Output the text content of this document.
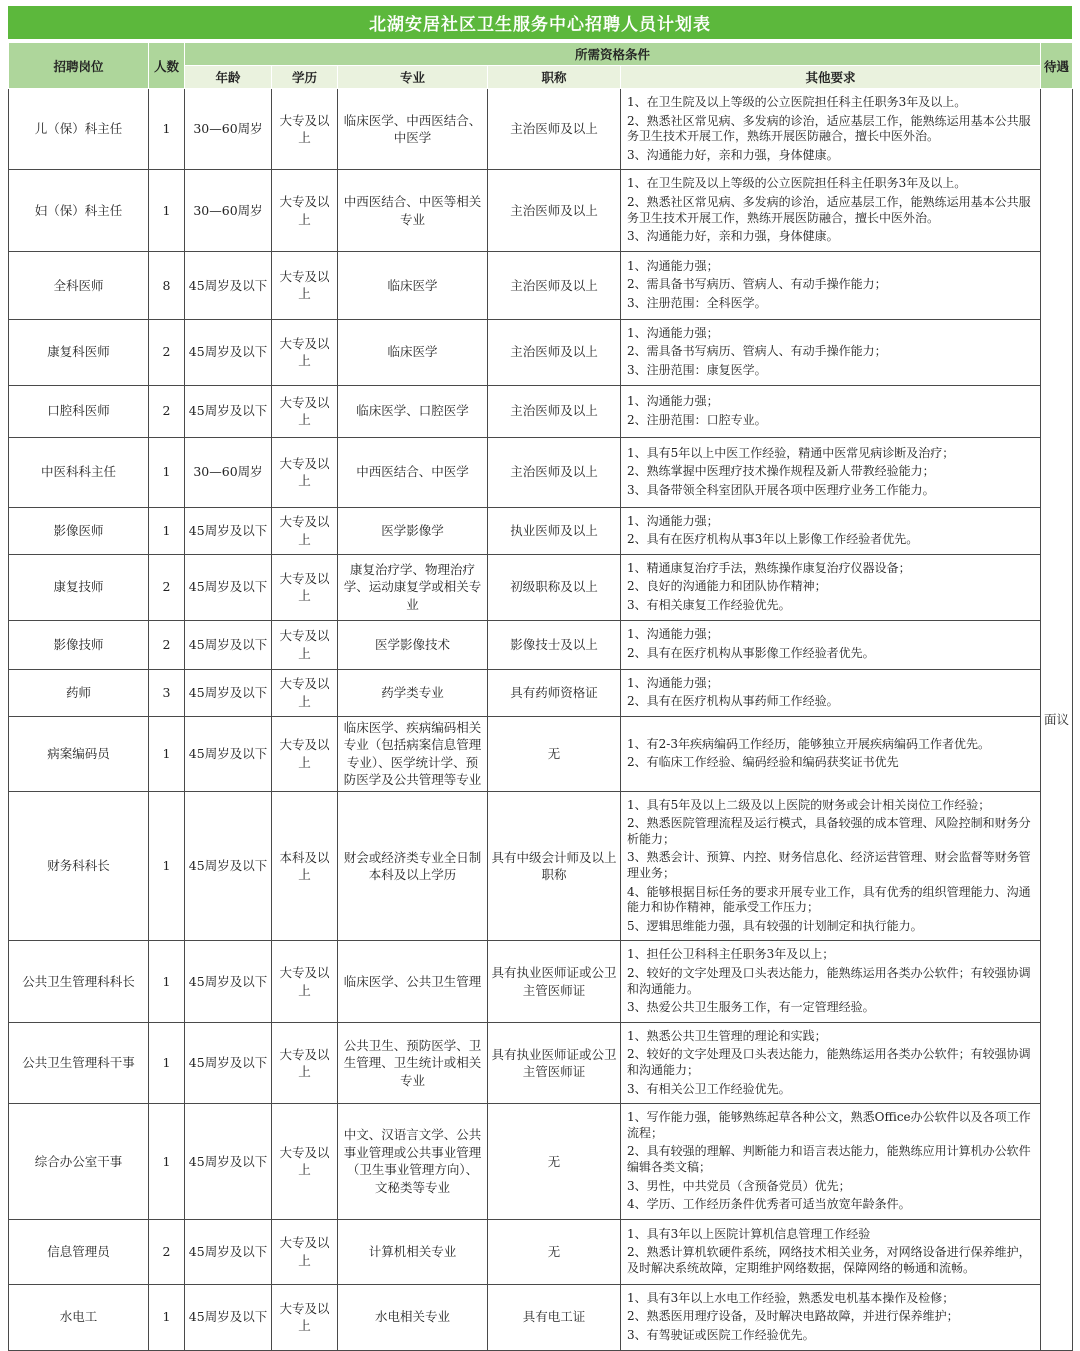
北湖安居社区卫生服务中心招聘人员计划表
招聘岗位	人数	所需资格条件					待遇
		年龄	学历	专业	职称	其他要求	
儿（保）科主任	1	30—60周岁	大专及以上	临床医学、中西医结合、中医学	主治医师及以上	1、在卫生院及以上等级的公立医院担任科主任职务3年及以上。
2、熟悉社区常见病、多发病的诊治，适应基层工作，能熟练运用基本公共服务卫生技术开展工作，熟练开展医防融合，擅长中医外治。
3、沟通能力好，亲和力强，身体健康。	面议
妇（保）科主任	1	30—60周岁	大专及以上	中西医结合、中医等相关专业	主治医师及以上	1、在卫生院及以上等级的公立医院担任科主任职务3年及以上。
2、熟悉社区常见病、多发病的诊治，适应基层工作，能熟练运用基本公共服务卫生技术开展工作，熟练开展医防融合，擅长中医外治。
3、沟通能力好，亲和力强，身体健康。	

全科医师	8	45周岁及以下	大专及以上	临床医学	主治医师及以上	1、沟通能力强；
2、需具备书写病历、管病人、有动手操作能力；
3、注册范围：全科医学。	

康复科医师	2	45周岁及以下	大专及以上	临床医学	主治医师及以上	1、沟通能力强；
2、需具备书写病历、管病人、有动手操作能力；
3、注册范围：康复医学。	

口腔科医师	2	45周岁及以下	大专及以上	临床医学、口腔医学	主治医师及以上	1、沟通能力强；
2、注册范围：口腔专业。	

中医科科主任	1	30—60周岁	大专及以上	中西医结合、中医学	主治医师及以上	1、具有5年以上中医工作经验，精通中医常见病诊断及治疗；
2、熟练掌握中医理疗技术操作规程及新人带教经验能力；
3、具备带领全科室团队开展各项中医理疗业务工作能力。	

影像医师	1	45周岁及以下	大专及以上	医学影像学	执业医师及以上	1、沟通能力强；
2、具有在医疗机构从事3年以上影像工作经验者优先。	

康复技师	2	45周岁及以下	大专及以上	康复治疗学、物理治疗学、运动康复学或相关专业	初级职称及以上	1、精通康复治疗手法，熟练操作康复治疗仪器设备；
2、良好的沟通能力和团队协作精神；
3、有相关康复工作经验优先。	

影像技师	2	45周岁及以下	大专及以上	医学影像技术	影像技士及以上	1、沟通能力强；
2、具有在医疗机构从事影像工作经验者优先。	

药师	3	45周岁及以下	大专及以上	药学类专业	具有药师资格证	1、沟通能力强；
2、具有在医疗机构从事药师工作经验。	

病案编码员	1	45周岁及以下	大专及以上	临床医学、疾病编码相关专业（包括病案信息管理专业）、医学统计学、预防医学及公共管理等专业	无	1、有2-3年疾病编码工作经历，能够独立开展疾病编码工作者优先。
2、有临床工作经验、编码经验和编码获奖证书优先	

财务科科长	1	45周岁及以下	本科及以上	财会或经济类专业全日制本科及以上学历	具有中级会计师及以上职称	1、具有5年及以上二级及以上医院的财务或会计相关岗位工作经验；
2、熟悉医院管理流程及运行模式，具备较强的成本管理、风险控制和财务分析能力；
3、熟悉会计、预算、内控、财务信息化、经济运营管理、财会监督等财务管理业务；
4、能够根据目标任务的要求开展专业工作，具有优秀的组织管理能力、沟通能力和协作精神，能承受工作压力；
5、逻辑思维能力强，具有较强的计划制定和执行能力。	

公共卫生管理科科长	1	45周岁及以下	大专及以上	临床医学、公共卫生管理	具有执业医师证或公卫主管医师证	1、担任公卫科科主任职务3年及以上；
2、较好的文字处理及口头表达能力，能熟练运用各类办公软件；有较强协调和沟通能力。
3、热爱公共卫生服务工作，有一定管理经验。	

公共卫生管理科干事	1	45周岁及以下	大专及以上	公共卫生、预防医学、卫生管理、卫生统计或相关专业	具有执业医师证或公卫主管医师证	1、熟悉公共卫生管理的理论和实践；
2、较好的文字处理及口头表达能力，能熟练运用各类办公软件；有较强协调和沟通能力；
3、有相关公卫工作经验优先。	

综合办公室干事	1	45周岁及以下	大专及以上	中文、汉语言文学、公共事业管理或公共事业管理（卫生事业管理方向）、文秘类等专业	无	1、写作能力强，能够熟练起草各种公文，熟悉Office办公软件以及各项工作流程；
2、具有较强的理解、判断能力和语言表达能力，能熟练应用计算机办公软件编辑各类文稿；
3、男性，中共党员（含预备党员）优先；
4、学历、工作经历条件优秀者可适当放宽年龄条件。	

信息管理员	2	45周岁及以下	大专及以上	计算机相关专业	无	1、具有3年以上医院计算机信息管理工作经验
2、熟悉计算机软硬件系统，网络技术相关业务，对网络设备进行保养维护，及时解决系统故障，定期维护网络数据，保障网络的畅通和流畅。	

水电工	1	45周岁及以下	大专及以上	水电相关专业	具有电工证	1、具有3年以上水电工作经验，熟悉发电机基本操作及检修；
2、熟悉医用理疗设备，及时解决电路故障，并进行保养维护；
3、有驾驶证或医院工作经验优先。	
